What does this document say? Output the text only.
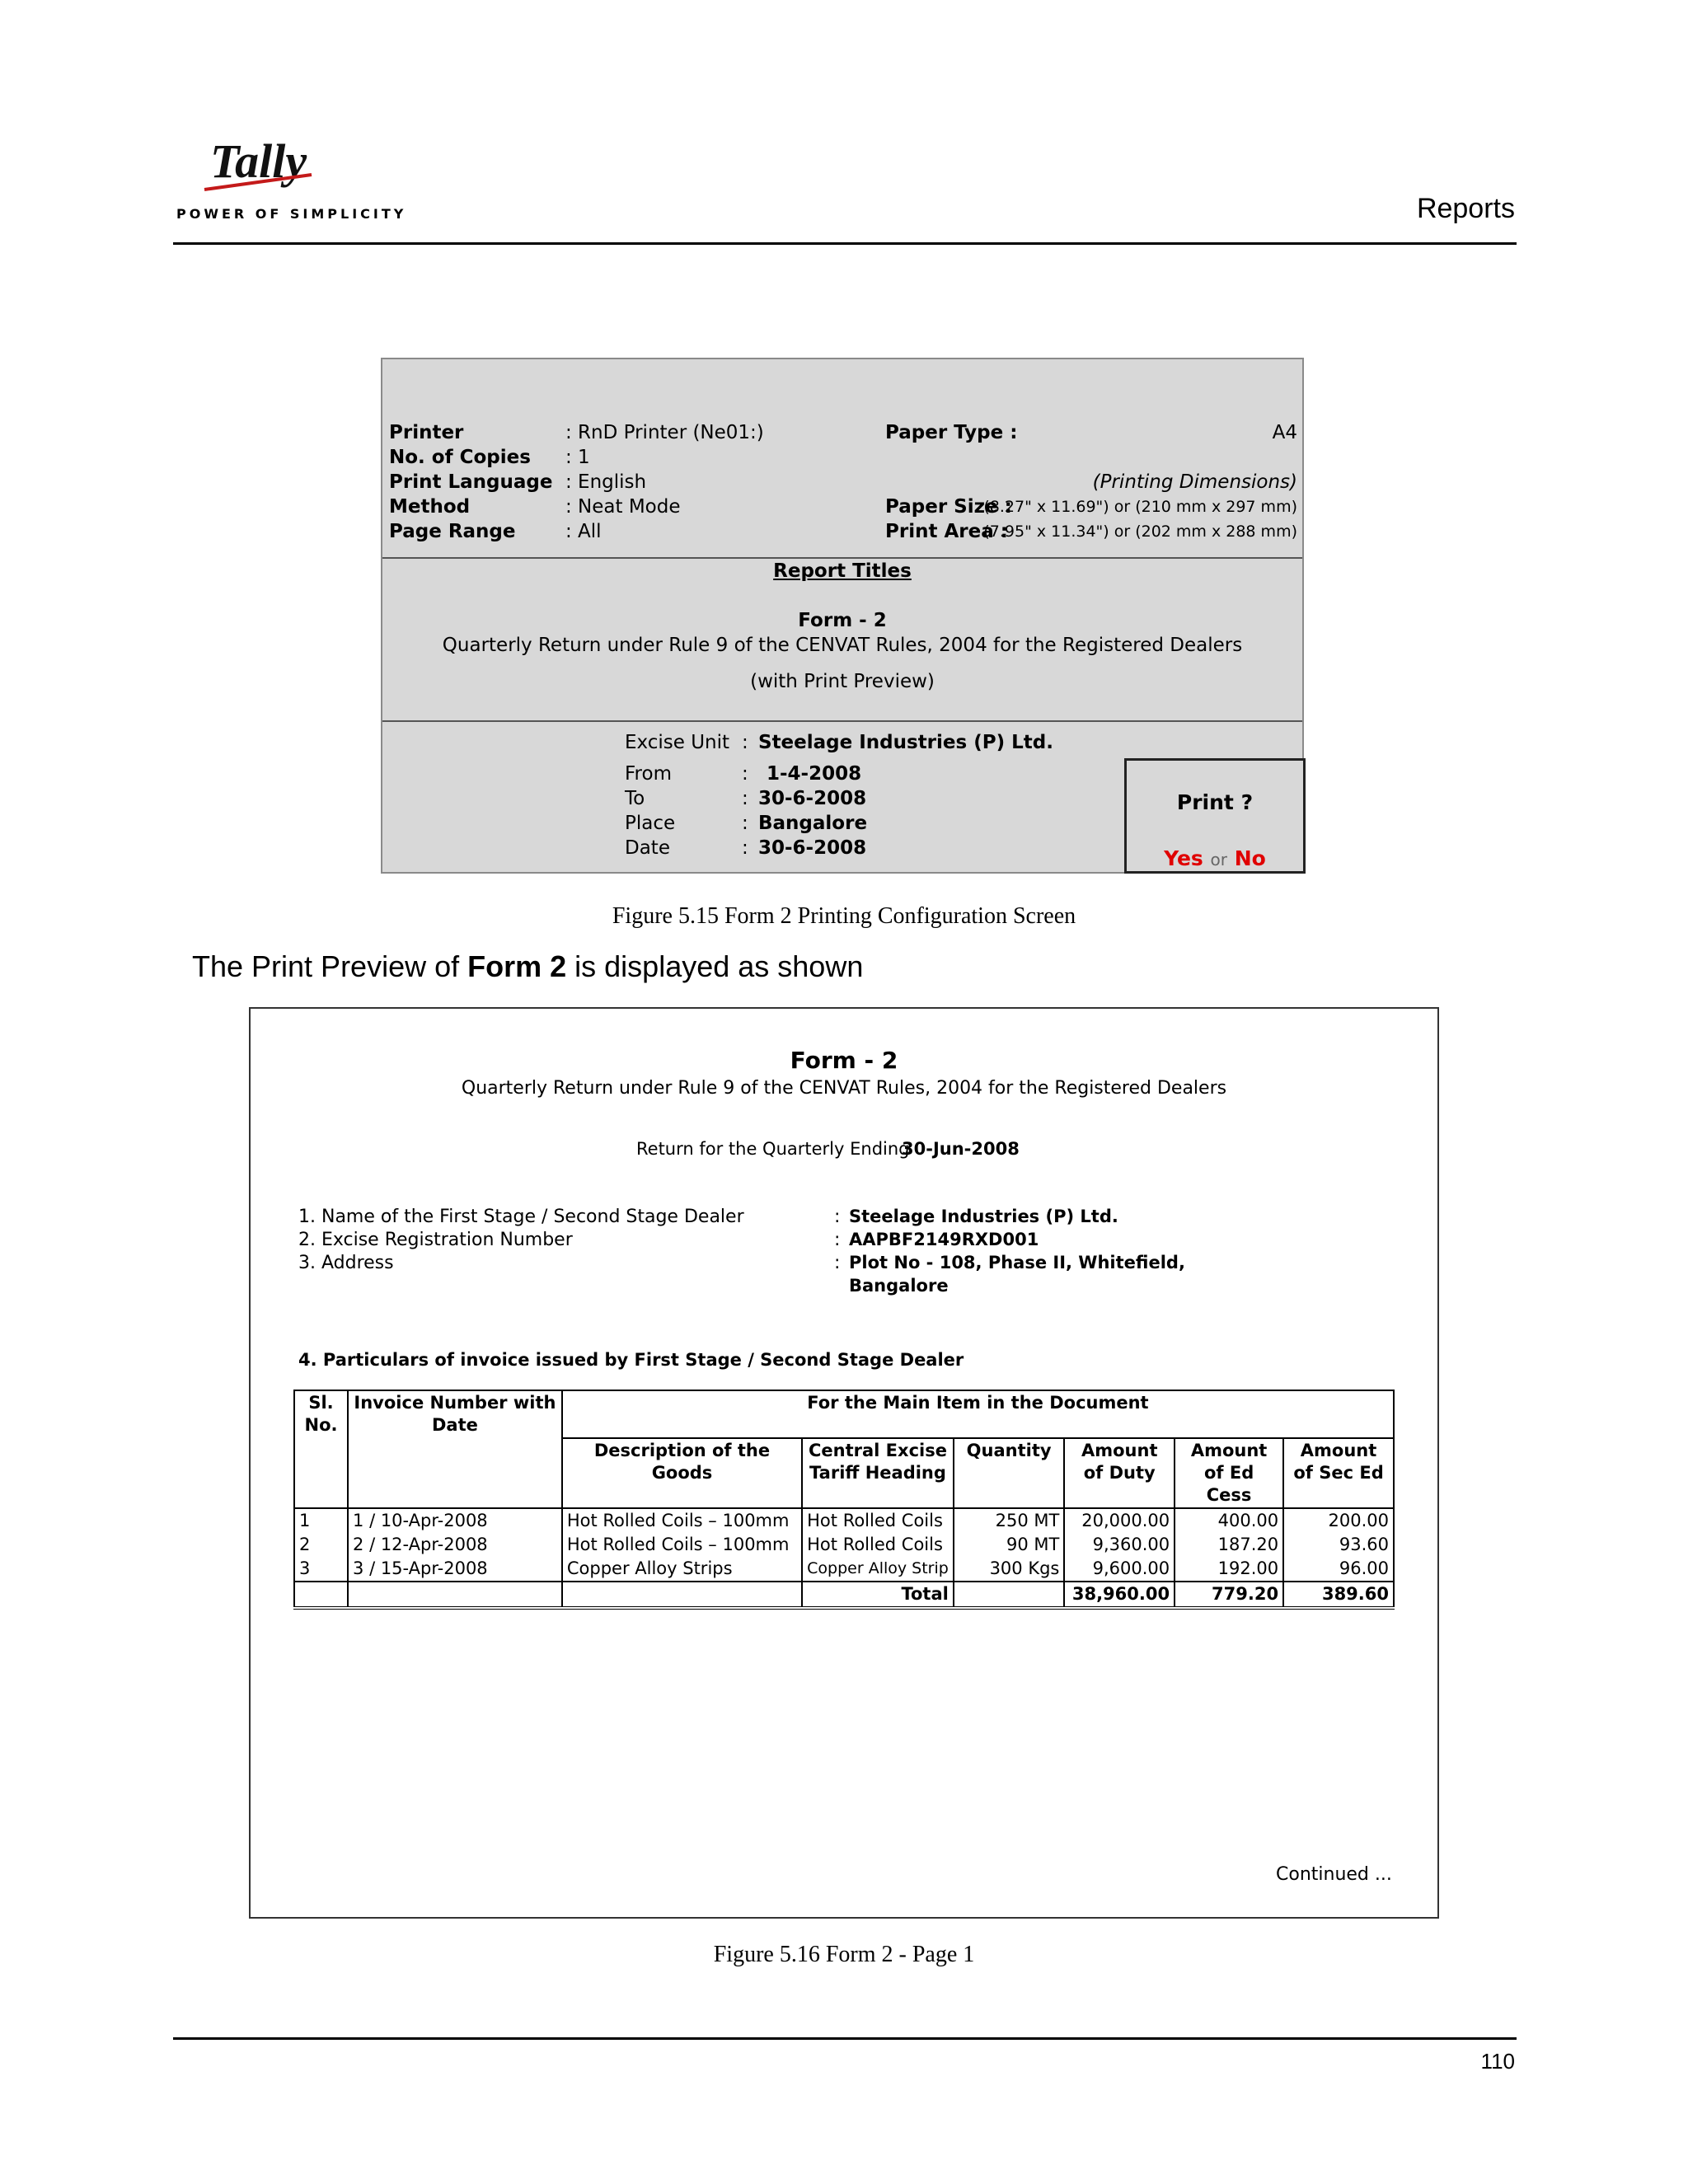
Tally
POWER OF SIMPLICITY	Reports
Printer	: RnD Printer (Ne01:)
No. of Copies : 1
Print Language : English
Method	: Neat Mode
Page Range	: All
Paper Type :	A4
(Printing Dimensions)
Paper Size :
(8.27" x 11.69") or (210 mm x 297 mm)
Print Area :
(7.95" x 11.34") or (202 mm x 288 mm)
Report Titles
Form - 2
Quarterly Return under Rule 9 of the CENVAT Rules, 2004 for the Registered Dealers
(with Print Preview)
Excise Unit : Steelage Industries (P) Ltd.
From	: 1-4-2008
To	: 30-6-2008
Place	: Bangalore
Date	: 30-6-2008
Print ?
Yes or No
Figure 5.15 Form 2 Printing Configuration Screen
The Print Preview of Form 2 is displayed as shown
Form - 2
Quarterly Return under Rule 9 of the CENVAT Rules, 2004 for the Registered Dealers
Return for the Quarterly Ending
30-Jun-2008
1. Name of the First Stage / Second Stage Dealer	: Steelage Industries (P) Ltd.
2. Excise Registration Number	: AAPBF2149RXD001
3. Address	: Plot No - 108, Phase II, Whitefield,
Bangalore
4. Particulars of invoice issued by First Stage / Second Stage Dealer
Sl. No.	Invoice Number with Date	For the Main Item in the Document					
		Description of the Goods	Central Excise Tariff Heading	Quantity	Amount of Duty	Amount of Ed Cess	Amount of Sec Ed
1	1 / 10-Apr-2008	Hot Rolled Coils – 100mm	Hot Rolled Coils	250 MT	20,000.00	400.00	200.00
2	2 / 12-Apr-2008	Hot Rolled Coils – 100mm	Hot Rolled Coils	90 MT	9,360.00	187.20	93.60
3	3 / 15-Apr-2008	Copper Alloy Strips	Copper Alloy Strip	300 Kgs	9,600.00	192.00	96.00
			Total		38,960.00	779.20	389.60
Continued ...
Figure 5.16 Form 2 - Page 1
110
